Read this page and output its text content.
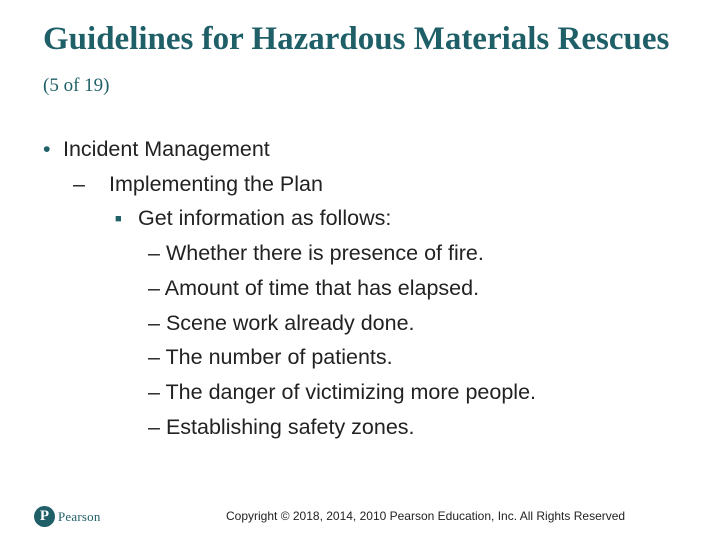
Guidelines for Hazardous Materials Rescues (5 of 19)
• Incident Management
– Implementing the Plan
■ Get information as follows:
– Whether there is presence of fire.
– Amount of time that has elapsed.
– Scene work already done.
– The number of patients.
– The danger of victimizing more people.
– Establishing safety zones.
P Pearson	Copyright © 2018, 2014, 2010 Pearson Education, Inc. All Rights Reserved
